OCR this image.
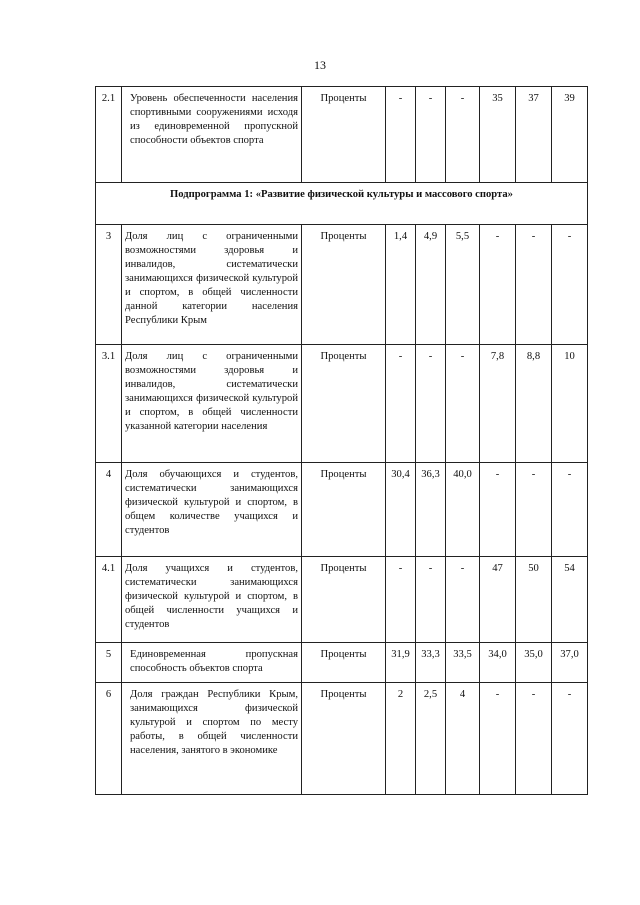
13
2.1	Уровень обеспеченности населения спортивными сооружениями исходя из единовременной пропускной способности объектов спорта	Проценты	-	-	-	35	37	39
Подпрограмма 1: «Развитие физической культуры и массового спорта»								
3	Доля лиц с ограниченными возможностями здоровья и инвалидов, систематически занимающихся физической культурой и спортом, в общей численности данной категории населения Республики Крым	Проценты	1,4	4,9	5,5	-	-	-
3.1	Доля лиц с ограниченными возможностями здоровья и инвалидов, систематически занимающихся физической культурой и спортом, в общей численности указанной категории населения	Проценты	-	-	-	7,8	8,8	10
4	Доля обучающихся и студентов, систематически занимающихся физической культурой и спортом, в общем количестве учащихся и студентов	Проценты	30,4	36,3	40,0	-	-	-
4.1	Доля учащихся и студентов, систематически занимающихся физической культурой и спортом, в общей численности учащихся и студентов	Проценты	-	-	-	47	50	54
5	Единовременная пропускная способность объектов спорта	Проценты	31,9	33,3	33,5	34,0	35,0	37,0
6	Доля граждан Республики Крым, занимающихся физической культурой и спортом по месту работы, в общей численности населения, занятого в экономике	Проценты	2	2,5	4	-	-	-
